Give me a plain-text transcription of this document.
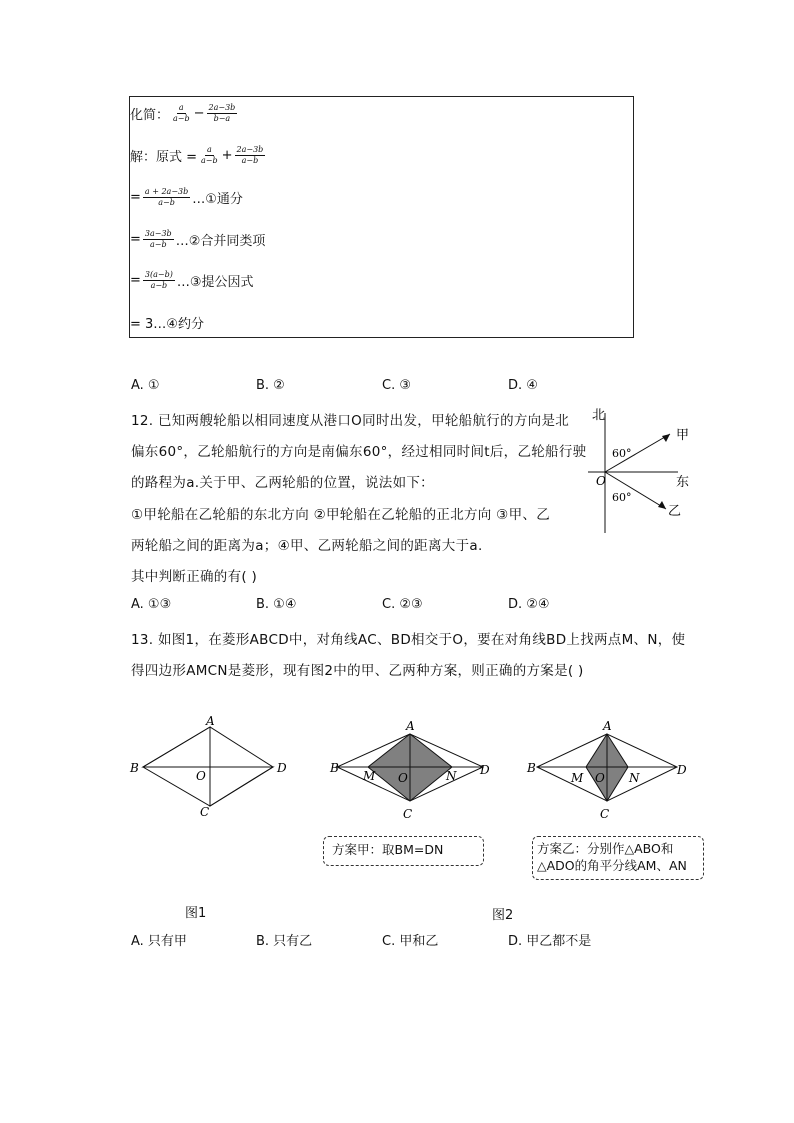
化简： $\frac{a}{a-b} - \frac{2a-3b}{b-a}$
解：原式 = $\frac{a}{a-b} + \frac{2a-3b}{a-b}$
= $\frac{a + 2a-3b}{a-b}$ …①通分
= $\frac{3a-3b}{a-b}$ …②合并同类项
= $\frac{3(a-b)}{a-b}$ …③提公因式
= 3…④约分
A. ①	B. ②	C. ③	D. ④
12. 已知两艘轮船以相同速度从港口O同时出发，甲轮船航行的方向是北
偏东60°，乙轮船航行的方向是南偏东60°，经过相同时间t后，乙轮船行驶
的路程为a.关于甲、乙两轮船的位置，说法如下：
①甲轮船在乙轮船的东北方向 ②甲轮船在乙轮船的正北方向 ③甲、乙
两轮船之间的距离为a；④甲、乙两轮船之间的距离大于a.
其中判断正确的有( )
北
东
甲
乙
O
60°
60°
A. ①③	B. ①④	C. ②③	D. ②④
13. 如图1，在菱形ABCD中，对角线AC、BD相交于O，要在对角线BD上找两点M、N，使
得四边形AMCN是菱形，现有图2中的甲、乙两种方案，则正确的方案是( )
A
B	D
C
O
A
B	D
C
O
M	N
A
B	D
C
O
M	N
方案甲：取BM=DN	方案乙：分别作△ABO和
△ADO的角平分线AM、AN
图1	图2
A. 只有甲	B. 只有乙	C. 甲和乙	D. 甲乙都不是
